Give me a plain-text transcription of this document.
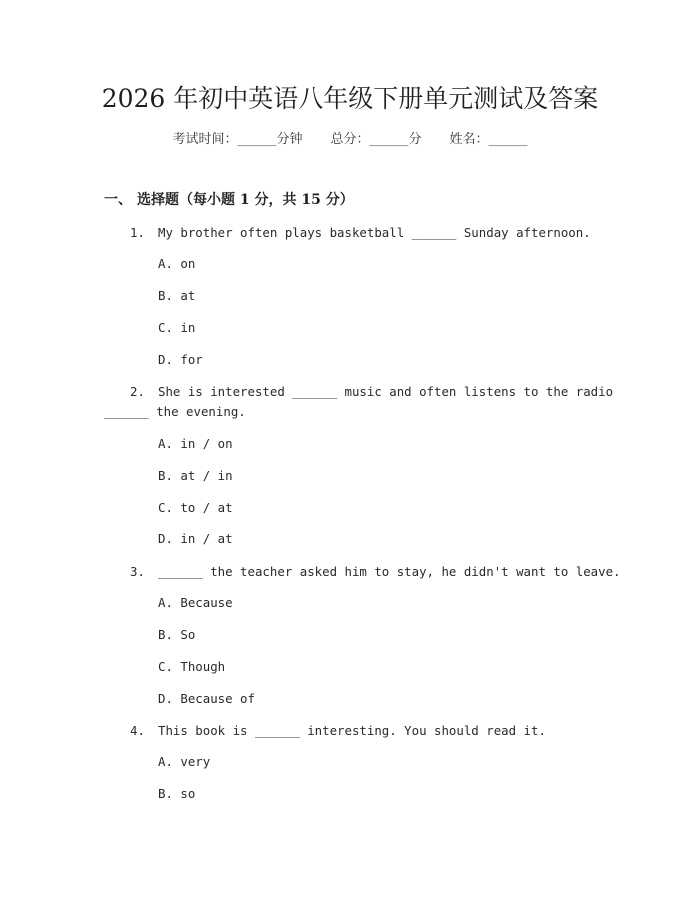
2026 年初中英语八年级下册单元测试及答案
考试时间：______分钟 总分：______分 姓名：______
一、 选择题（每小题 1 分，共 15 分）
1. My brother often plays basketball ______ Sunday afternoon.
A. on
B. at
C. in
D. for
2. She is interested ______ music and often listens to the radio
______ the evening.
A. in / on
B. at / in
C. to / at
D. in / at
3. ______ the teacher asked him to stay, he didn't want to leave.
A. Because
B. So
C. Though
D. Because of
4. This book is ______ interesting. You should read it.
A. very
B. so
